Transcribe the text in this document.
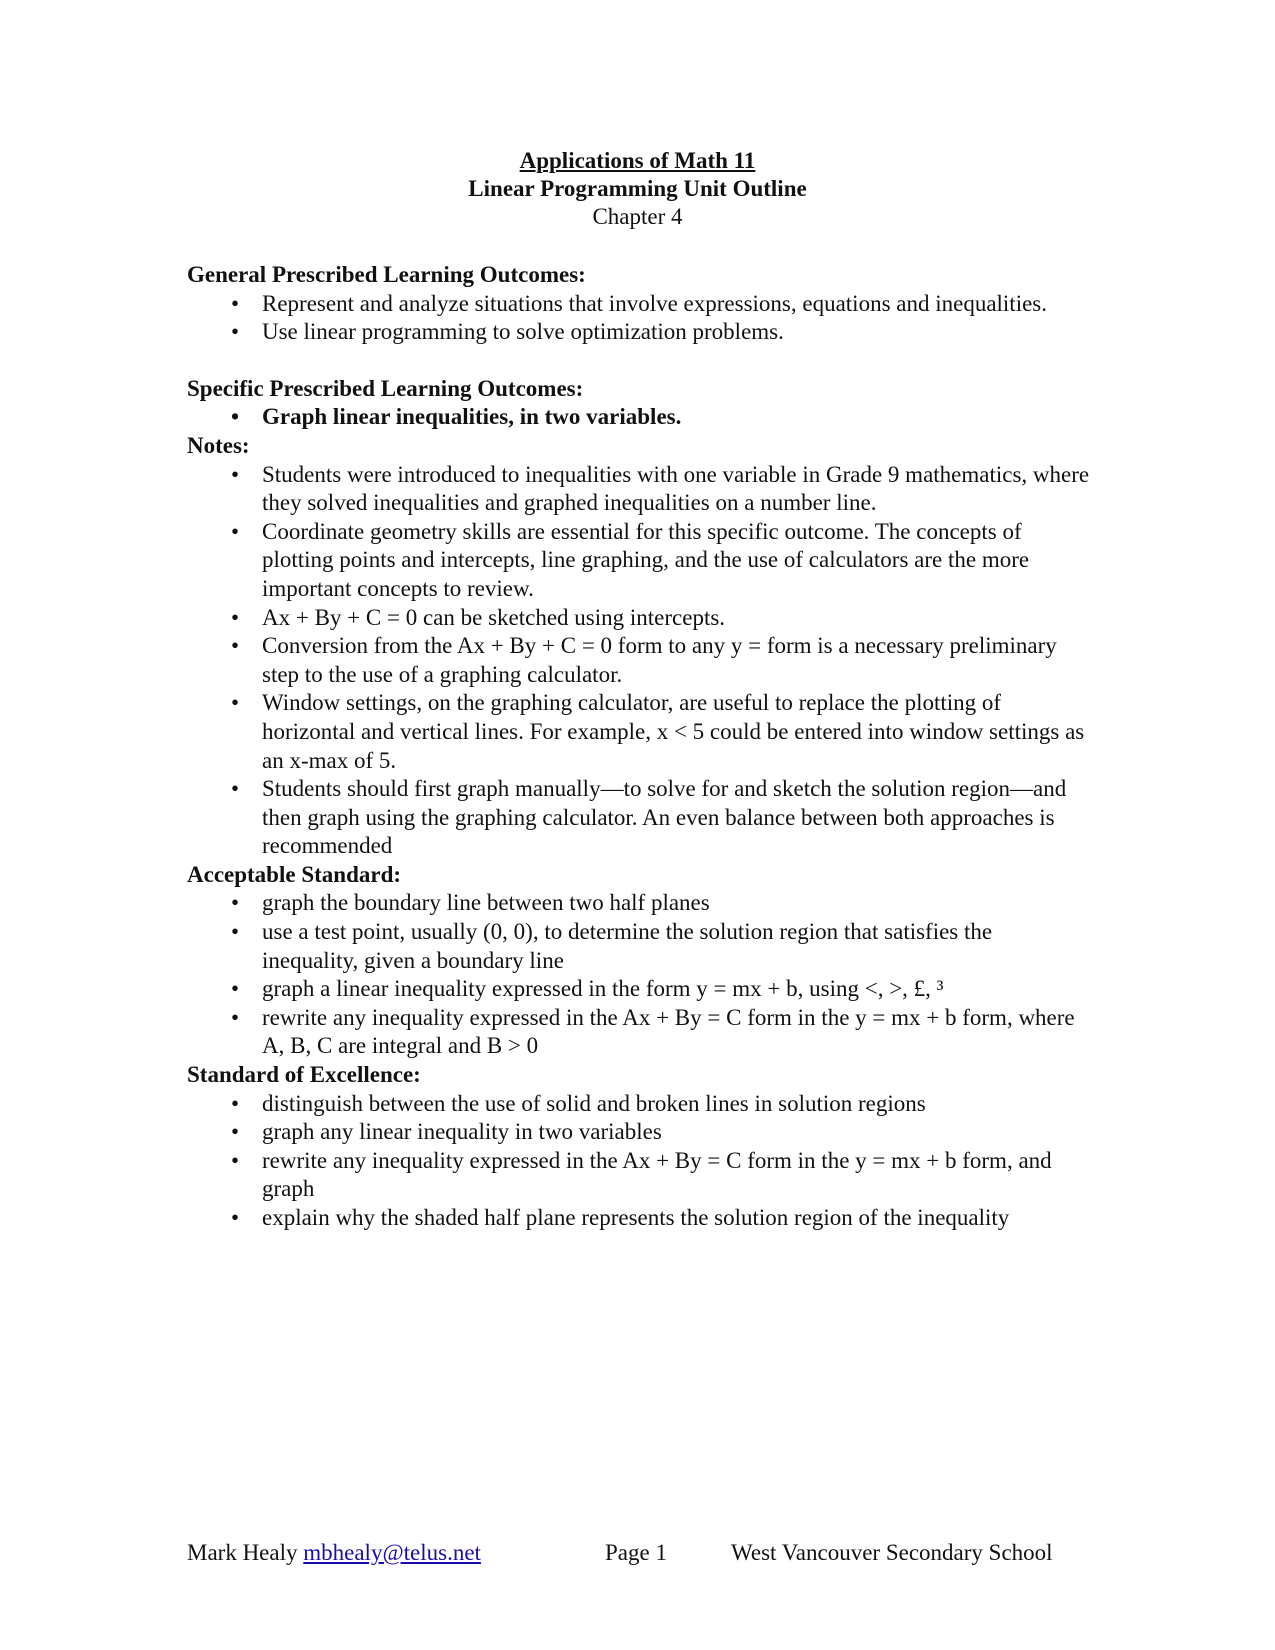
Applications of Math 11
Linear Programming Unit Outline
Chapter 4
General Prescribed Learning Outcomes:
• Represent and analyze situations that involve expressions, equations and inequalities.
• Use linear programming to solve optimization problems.
Specific Prescribed Learning Outcomes:
• Graph linear inequalities, in two variables.
Notes:
• Students were introduced to inequalities with one variable in Grade 9 mathematics, where they solved inequalities and graphed inequalities on a number line.
• Coordinate geometry skills are essential for this specific outcome. The concepts of plotting points and intercepts, line graphing, and the use of calculators are the more important concepts to review.
• Ax + By + C = 0 can be sketched using intercepts.
• Conversion from the Ax + By + C = 0 form to any y = form is a necessary preliminary step to the use of a graphing calculator.
• Window settings, on the graphing calculator, are useful to replace the plotting of horizontal and vertical lines. For example, x < 5 could be entered into window settings as an x-max of 5.
• Students should first graph manually—to solve for and sketch the solution region—and then graph using the graphing calculator. An even balance between both approaches is recommended
Acceptable Standard:
• graph the boundary line between two half planes
• use a test point, usually (0, 0), to determine the solution region that satisfies the inequality, given a boundary line
• graph a linear inequality expressed in the form y = mx + b, using <, >, £, ³
• rewrite any inequality expressed in the Ax + By = C form in the y = mx + b form, where A, B, C are integral and B > 0
Standard of Excellence:
• distinguish between the use of solid and broken lines in solution regions
• graph any linear inequality in two variables
• rewrite any inequality expressed in the Ax + By = C form in the y = mx + b form, and graph
• explain why the shaded half plane represents the solution region of the inequality
Mark Healy mbhealy@telus.net	Page 1	West Vancouver Secondary School
